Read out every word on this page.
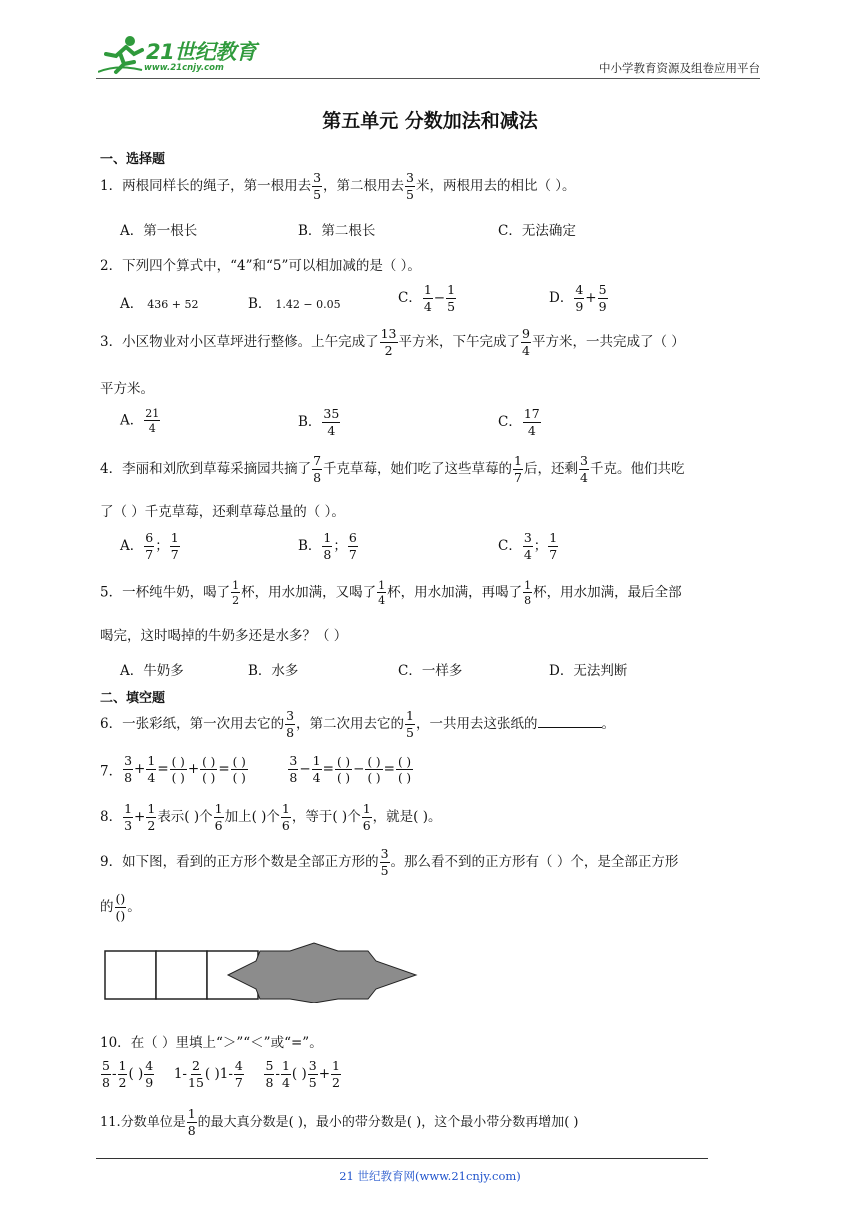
21世纪教育
www.21cnjy.com	中小学教育资源及组卷应用平台
第五单元 分数加法和减法
一、选择题
1．两根同样长的绳子，第一根用去 $\frac{3}{5}$ ，第二根用去 $\frac{3}{5}$ 米，两根用去的相比（ ）。
A．第一根长	B．第二根长	C．无法确定
2．下列四个算式中，“4”和“5”可以相加减的是（ ）。
A． 436 + 52	B． 1.42 − 0.05	C． $\frac{1}{4} - \frac{1}{5}$	D． $\frac{4}{9} + \frac{5}{9}$
3．小区物业对小区草坪进行整修。上午完成了 $\frac{13}{2}$ 平方米，下午完成了 $\frac{9}{4}$ 平方米，一共完成了（ ）
平方米。
A． $\frac{21}{4}$	B． $\frac{35}{4}$	C． $\frac{17}{4}$
4．李丽和刘欣到草莓采摘园共摘了 $\frac{7}{8}$ 千克草莓，她们吃了这些草莓的 $\frac{1}{7}$ 后，还剩 $\frac{3}{4}$ 千克。他们共吃
了（ ）千克草莓，还剩草莓总量的（ ）。
A． $\frac{6}{7}$ ； $\frac{1}{7}$	B． $\frac{1}{8}$ ； $\frac{6}{7}$	C． $\frac{3}{4}$ ； $\frac{1}{7}$
5．一杯纯牛奶，喝了 $\frac{1}{2}$ 杯，用水加满，又喝了 $\frac{1}{4}$ 杯，用水加满，再喝了 $\frac{1}{8}$ 杯，用水加满，最后全部
喝完，这时喝掉的牛奶多还是水多？（ ）
A．牛奶多	B．水多	C．一样多	D．无法判断
二、填空题
6．一张彩纸，第一次用去它的 $\frac{3}{8}$ ，第二次用去它的 $\frac{1}{5}$ ，一共用去这张纸的	。
7． $\frac{3}{8} + \frac{1}{4}$ = ( )
( )
+ ( )
( )
= ( )
( )
	$\frac{3}{8} - \frac{1}{4}$ = ( )
( )
− ( )
( )
= ( )
( )
8． $\frac{1}{3} + \frac{1}{2}$ 表示( )个 $\frac{1}{6}$ 加上( )个 $\frac{1}{6}$ ，等于( )个 $\frac{1}{6}$ ，就是( )。
9．如下图，看到的正方形个数是全部正方形的 $\frac{3}{5}$ 。那么看不到的正方形有（ ）个，是全部正方形
的 $\frac{()}{()}$ 。
10．在（ ）里填上“＞”“＜”或“=”。
$\frac{5}{8} - \frac{1}{2}$ ( ) $\frac{4}{9} 1- \frac{2}{15}$ ( )$1- \frac{4}{7}$
$\frac{5}{8} - \frac{1}{4}$ ( ) $\frac{3}{5} + \frac{1}{2}$
11.分数单位是 $\frac{1}{8}$ 的最大真分数是( )，最小的带分数是( )，这个最小带分数再增加( )
21 世纪教育网(www.21cnjy.com)
